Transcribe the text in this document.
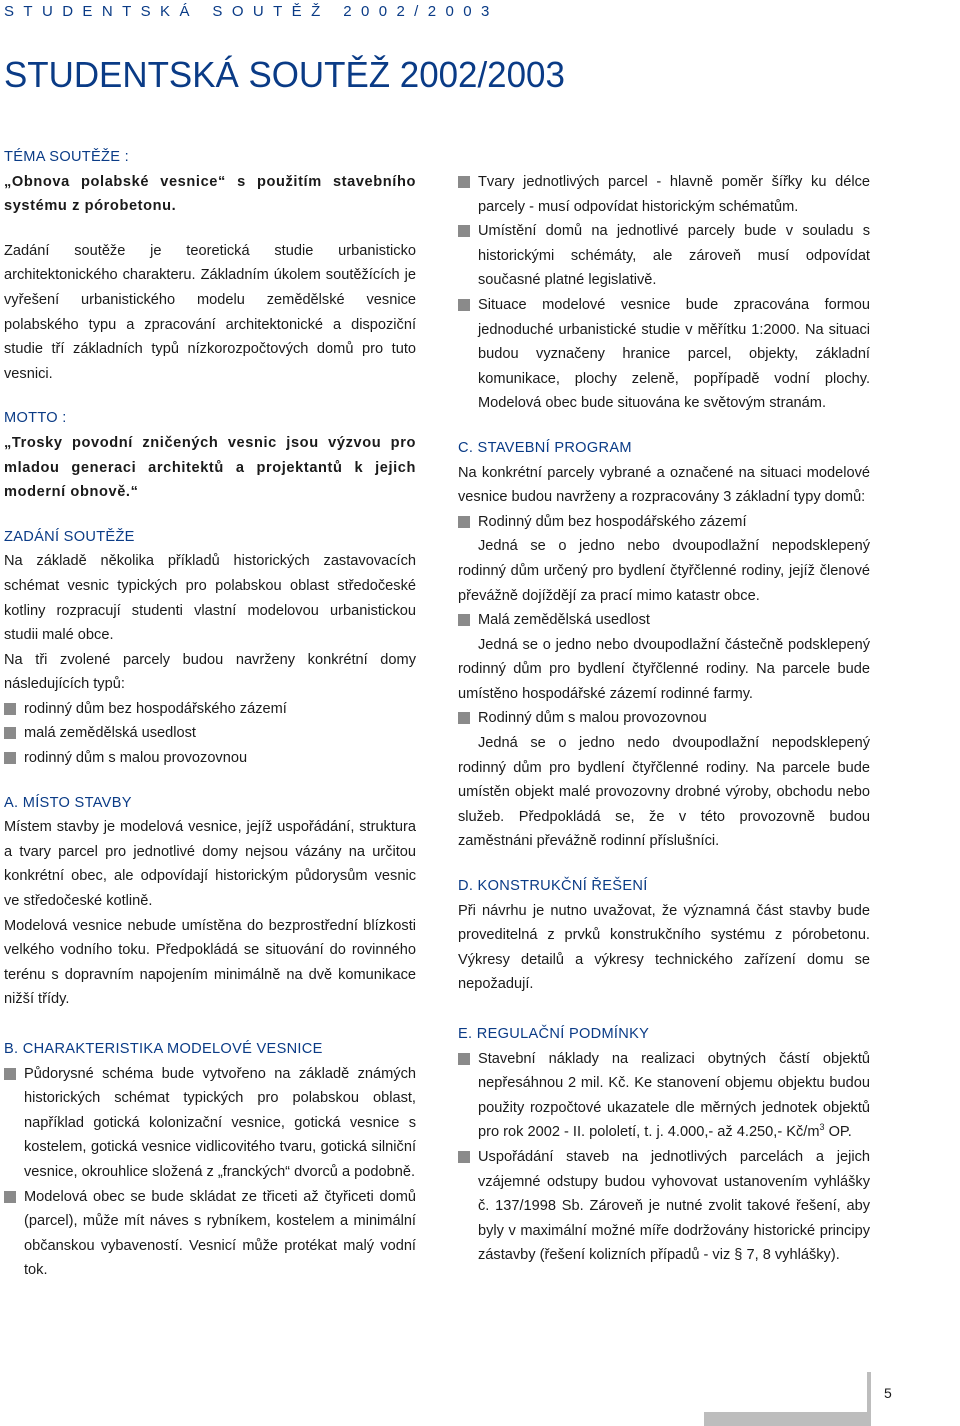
STUDENTSKÁ SOUTĚŽ 2002/2003
STUDENTSKÁ SOUTĚŽ 2002/2003

TÉMA SOUTĚŽE :

„Obnova polabské vesnice“ s použitím stavebního systému z pórobetonu.

Zadání soutěže je teoretická studie urbanisticko architektonického charakteru. Základním úkolem soutěžících je vyřešení urbanistického modelu zemědělské vesnice polabského typu a zpracování architektonické a dispoziční studie tří základních typů nízkorozpočtových domů pro tuto vesnici.

MOTTO :

„Trosky povodní zničených vesnic jsou výzvou pro mladou generaci architektů a projektantů k jejich moderní obnově.“

ZADÁNÍ SOUTĚŽE

Na základě několika příkladů historických zastavovacích schémat vesnic typických pro polabskou oblast středočeské kotliny rozpracují studenti vlastní modelovou urbanistickou studii malé obce.

Na tři zvolené parcely budou navrženy konkrétní domy následujících typů:

rodinný dům bez hospodářského zázemí

malá zemědělská usedlost

rodinný dům s malou provozovnou

A. MÍSTO STAVBY

Místem stavby je modelová vesnice, jejíž uspořádání, struktura a tvary parcel pro jednotlivé domy nejsou vázány na určitou konkrétní obec, ale odpovídají historickým půdorysům vesnic ve středočeské kotlině.

Modelová vesnice nebude umístěna do bezprostřední blízkosti velkého vodního toku. Předpokládá se situování do rovinného terénu s dopravním napojením minimálně na dvě komunikace nižší třídy.

B. CHARAKTERISTIKA MODELOVÉ VESNICE

Půdorysné schéma bude vytvořeno na základě známých historických schémat typických pro polabskou oblast, například gotická kolonizační vesnice, gotická vesnice s kostelem, gotická vesnice vidlicovitého tvaru, gotická silniční vesnice, okrouhlice složená z „franckých“ dvorců a podobně.

Modelová obec se bude skládat ze třiceti až čtyřiceti domů (parcel), může mít náves s rybníkem, kostelem a minimální občanskou vybaveností. Vesnicí může protékat malý vodní tok.

Tvary jednotlivých parcel - hlavně poměr šířky ku délce parcely - musí odpovídat historickým schématům.

Umístění domů na jednotlivé parcely bude v souladu s historickými schémáty, ale zároveň musí odpovídat současné platné legislativě.

Situace modelové vesnice bude zpracována formou jednoduché urbanistické studie v měřítku 1:2000. Na situaci budou vyznačeny hranice parcel, objekty, základní komunikace, plochy zeleně, popřípadě vodní plochy. Modelová obec bude situována ke světovým stranám.

C. STAVEBNÍ PROGRAM

Na konkrétní parcely vybrané a označené na situaci modelové vesnice budou navrženy a rozpracovány 3 základní typy domů:

Rodinný dům bez hospodářského zázemí

Jedná se o jedno nebo dvoupodlažní nepodsklepený rodinný dům určený pro bydlení čtyřčlenné rodiny, jejíž členové převážně dojíždějí za prací mimo katastr obce.

Malá zemědělská usedlost

Jedná se o jedno nebo dvoupodlažní částečně podsklepený rodinný dům pro bydlení čtyřčlenné rodiny. Na parcele bude umístěno hospodářské zázemí rodinné farmy.

Rodinný dům s malou provozovnou

Jedná se o jedno nedo dvoupodlažní nepodsklepený rodinný dům pro bydlení čtyřčlenné rodiny. Na parcele bude umístěn objekt malé provozovny drobné výroby, obchodu nebo služeb. Předpokládá se, že v této provozovně budou zaměstnáni převážně rodinní příslušníci.

D. KONSTRUKČNÍ ŘEŠENÍ

Při návrhu je nutno uvažovat, že významná část stavby bude proveditelná z prvků konstrukčního systému z pórobetonu. Výkresy detailů a výkresy technického zařízení domu se nepožadují.

E. REGULAČNÍ PODMÍNKY

Stavební náklady na realizaci obytných částí objektů nepřesáhnou 2 mil. Kč. Ke stanovení objemu objektu budou použity rozpočtové ukazatele dle měrných jednotek objektů pro rok 2002 - II. pololetí, t. j. 4.000,- až 4.250,- $Kč/m^3$ OP.

Uspořádání staveb na jednotlivých parcelách a jejich vzájemné odstupy budou vyhovovat ustanovením vyhlášky č. 137/1998 Sb. Zároveň je nutné zvolit takové řešení, aby byly v maximální možné míře dodržovány historické principy zástavby (řešení kolizních případů - viz § 7, 8 vyhlášky).

5
